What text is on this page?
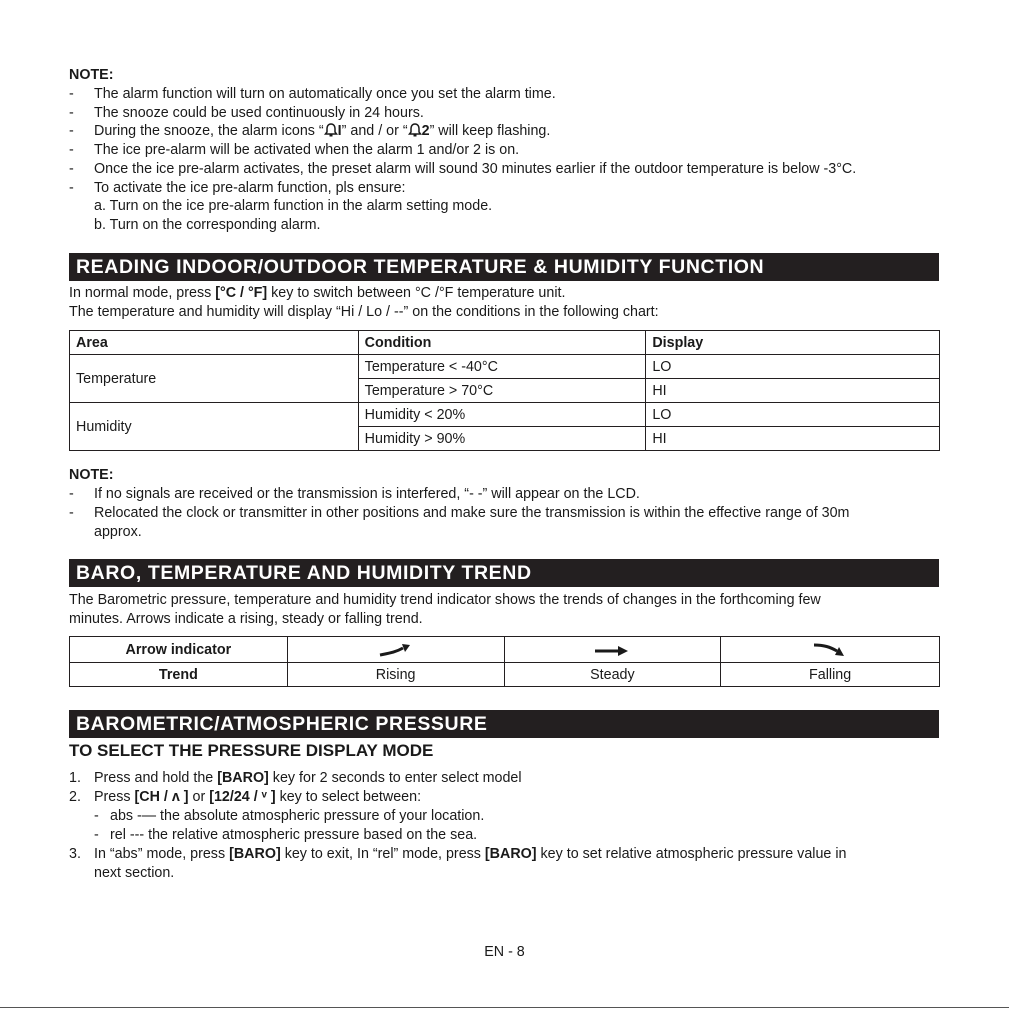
NOTE:
-	The alarm function will turn on automatically once you set the alarm time.
-	The snooze could be used continuously in 24 hours.
-	During the snooze, the alarm icons “ I” and / or “ 2” will keep flashing.
-	The ice pre-alarm will be activated when the alarm 1 and/or 2 is on.
-	Once the ice pre-alarm activates, the preset alarm will sound 30 minutes earlier if the outdoor temperature is below -3°C.
-	To activate the ice pre-alarm function, pls ensure:
a. Turn on the ice pre-alarm function in the alarm setting mode.
b. Turn on the corresponding alarm.
READING INDOOR/OUTDOOR TEMPERATURE & HUMIDITY FUNCTION
In normal mode, press [°C / °F] key to switch between °C /°F temperature unit.
The temperature and humidity will display “Hi / Lo / --” on the conditions in the following chart:
Area	Condition	Display
Temperature	Temperature < -40°C	LO
	Temperature > 70°C	HI
Humidity	Humidity < 20%	LO
	Humidity > 90%	HI
NOTE:
-	If no signals are received or the transmission is interfered, “- -” will appear on the LCD.
-	Relocated the clock or transmitter in other positions and make sure the transmission is within the effective range of 30m
approx.
BARO, TEMPERATURE AND HUMIDITY TREND
The Barometric pressure, temperature and humidity trend indicator shows the trends of changes in the forthcoming few
minutes. Arrows indicate a rising, steady or falling trend.
Arrow indicator	

Trend	Rising	Steady	Falling
BAROMETRIC/ATMOSPHERIC PRESSURE
TO SELECT THE PRESSURE DISPLAY MODE
1. Press and hold the [BARO] key for 2 seconds to enter select model
2. Press [CH / ʌ ] or [12/24 / ᵛ ] key to select between:
- abs -— the absolute atmospheric pressure of your location.
- rel --- the relative atmospheric pressure based on the sea.
3. In “abs” mode, press [BARO] key to exit, In “rel” mode, press [BARO] key to set relative atmospheric pressure value in
next section.
EN - 8
